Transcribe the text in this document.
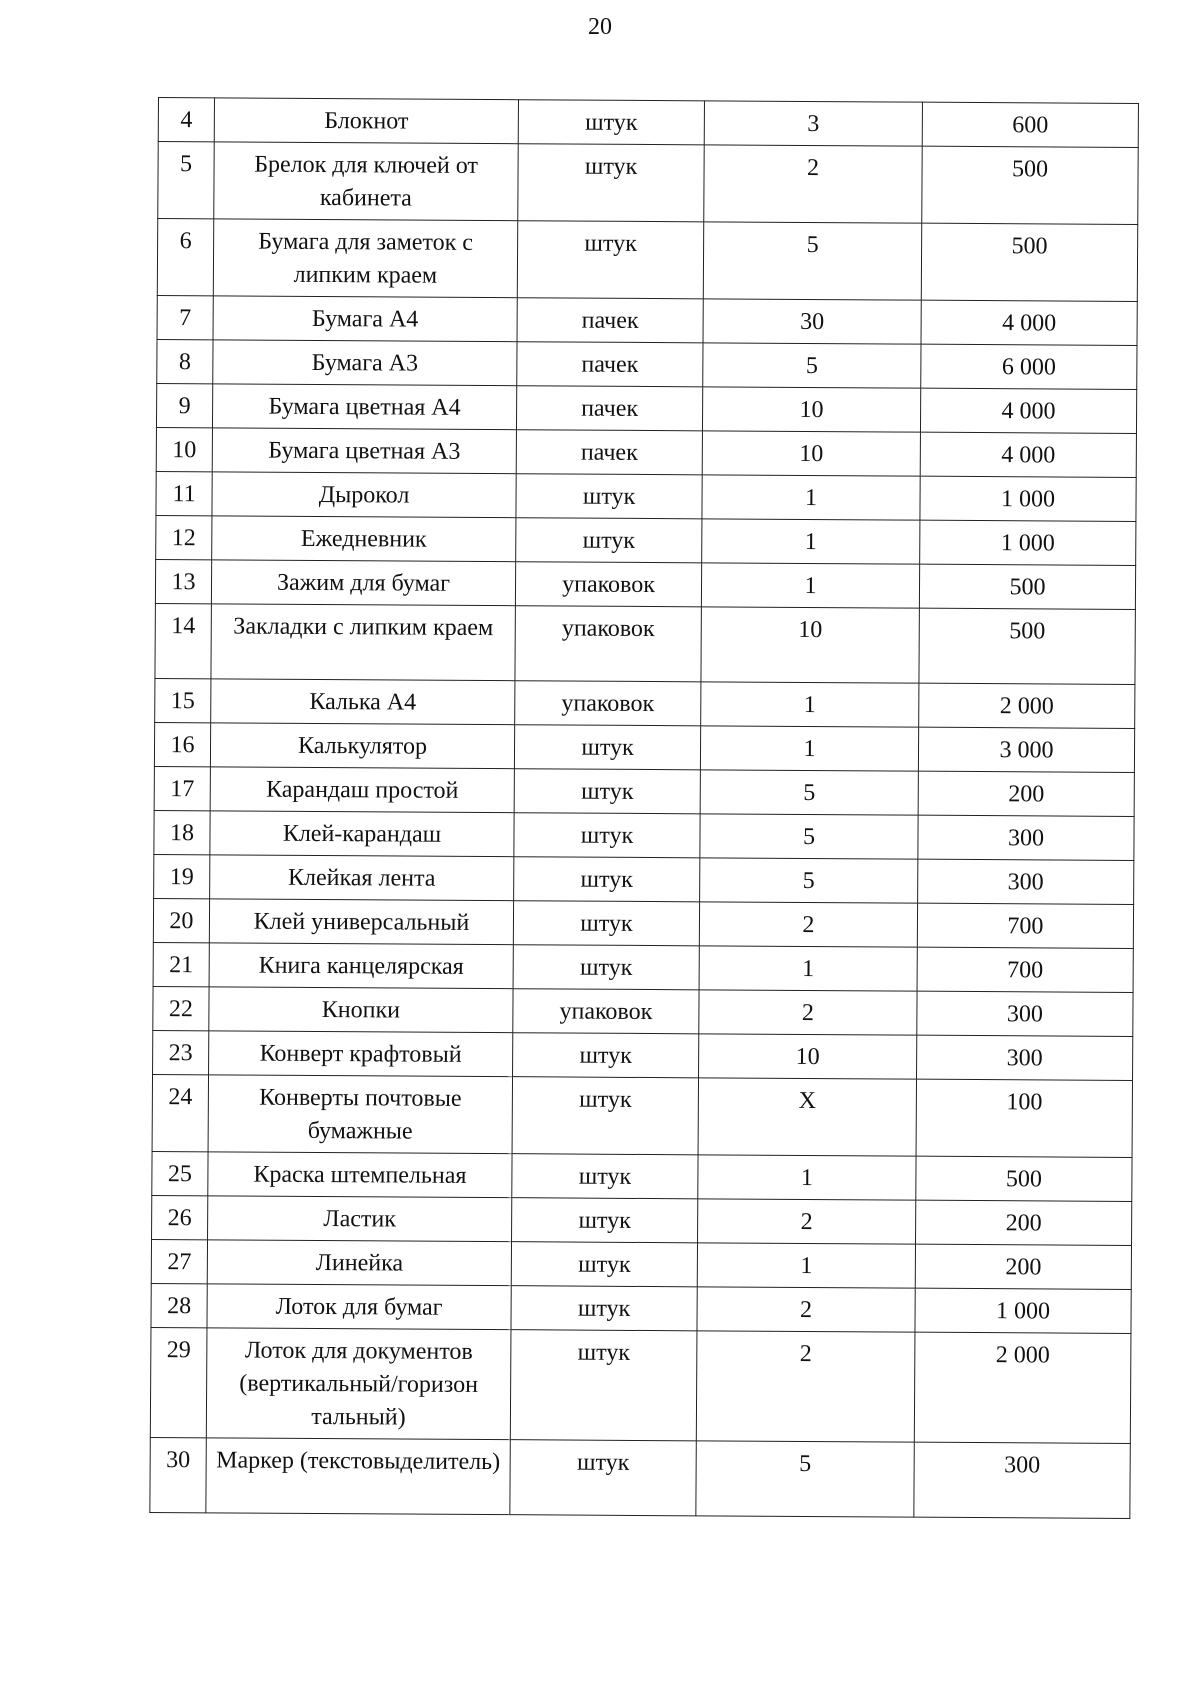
20
4	Блокнот	штук	3	600
5	Брелок для ключей от кабинета	штук	2	500
6	Бумага для заметок с липким краем	штук	5	500
7	Бумага А4	пачек	30	4 000
8	Бумага А3	пачек	5	6 000
9	Бумага цветная А4	пачек	10	4 000
10	Бумага цветная А3	пачек	10	4 000
11	Дырокол	штук	1	1 000
12	Ежедневник	штук	1	1 000
13	Зажим для бумаг	упаковок	1	500
14	Закладки с липким краем	упаковок	10	500
15	Калька А4	упаковок	1	2 000
16	Калькулятор	штук	1	3 000
17	Карандаш простой	штук	5	200
18	Клей-карандаш	штук	5	300
19	Клейкая лента	штук	5	300
20	Клей универсальный	штук	2	700
21	Книга канцелярская	штук	1	700
22	Кнопки	упаковок	2	300
23	Конверт крафтовый	штук	10	300
24	Конверты почтовые бумажные	штук	Х	100
25	Краска штемпельная	штук	1	500
26	Ластик	штук	2	200
27	Линейка	штук	1	200
28	Лоток для бумаг	штук	2	1 000
29	Лоток для документов (вертикальный/горизон тальный)	штук	2	2 000
30	Маркер (текстовыделитель)	штук	5	300
